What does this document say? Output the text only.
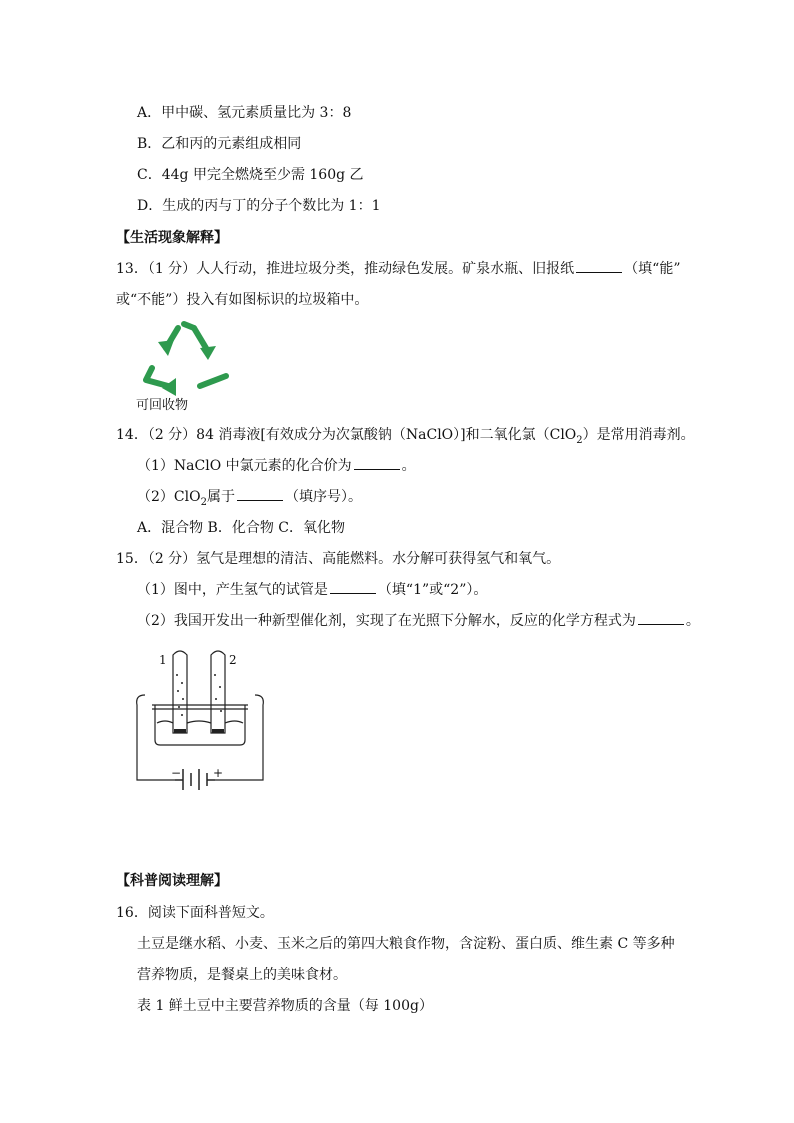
A．甲中碳、氢元素质量比为 3：8
B．乙和丙的元素组成相同
C．44g 甲完全燃烧至少需 160g 乙
D．生成的丙与丁的分子个数比为 1：1
【生活现象解释】
13．（1 分）人人行动，推进垃圾分类，推动绿色发展。矿泉水瓶、旧报纸	（填“能”
或“不能”）投入有如图标识的垃圾箱中。
可回收物
14．（2 分）84 消毒液[有效成分为次氯酸钠（NaClO）]和二氧化氯（ClO$_2$）是常用消毒剂。
（1）NaClO 中氯元素的化合价为	。
（2）ClO$_2$属于	（填序号）。
A．混合物 B．化合物 C．氧化物
15．（2 分）氢气是理想的清洁、高能燃料。水分解可获得氢气和氧气。
（1）图中，产生氢气的试管是	（填“1”或“2”）。
（2）我国开发出一种新型催化剂，实现了在光照下分解水，反应的化学方程式为	。
1	2
−	+
【科普阅读理解】
16．阅读下面科普短文。
土豆是继水稻、小麦、玉米之后的第四大粮食作物，含淀粉、蛋白质、维生素 C 等多种
营养物质，是餐桌上的美味食材。
表 1 鲜土豆中主要营养物质的含量（每 100g）
